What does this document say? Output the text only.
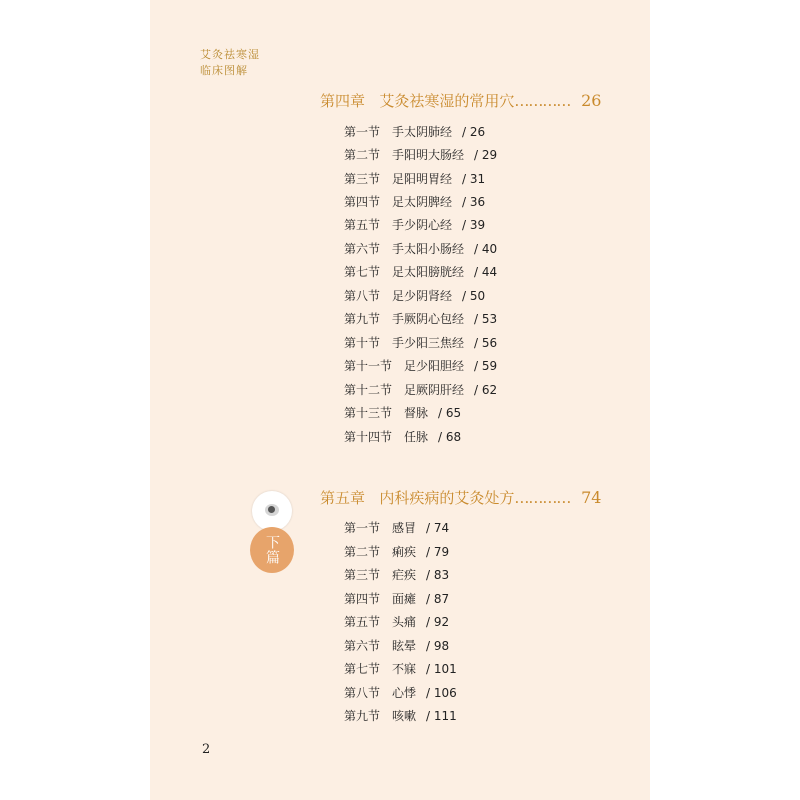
艾灸祛寒湿
临床图解
第四章 艾灸祛寒湿的常用穴………… 26
第一节 手太阴肺经 / 26
第二节 手阳明大肠经 / 29
第三节 足阳明胃经 / 31
第四节 足太阴脾经 / 36
第五节 手少阴心经 / 39
第六节 手太阳小肠经 / 40
第七节 足太阳膀胱经 / 44
第八节 足少阴肾经 / 50
第九节 手厥阴心包经 / 53
第十节 手少阳三焦经 / 56
第十一节 足少阳胆经 / 59
第十二节 足厥阴肝经 / 62
第十三节 督脉 / 65
第十四节 任脉 / 68
下篇
第五章 内科疾病的艾灸处方………… 74
第一节 感冒 / 74
第二节 痢疾 / 79
第三节 疟疾 / 83
第四节 面瘫 / 87
第五节 头痛 / 92
第六节 眩晕 / 98
第七节 不寐 / 101
第八节 心悸 / 106
第九节 咳嗽 / 111
2
